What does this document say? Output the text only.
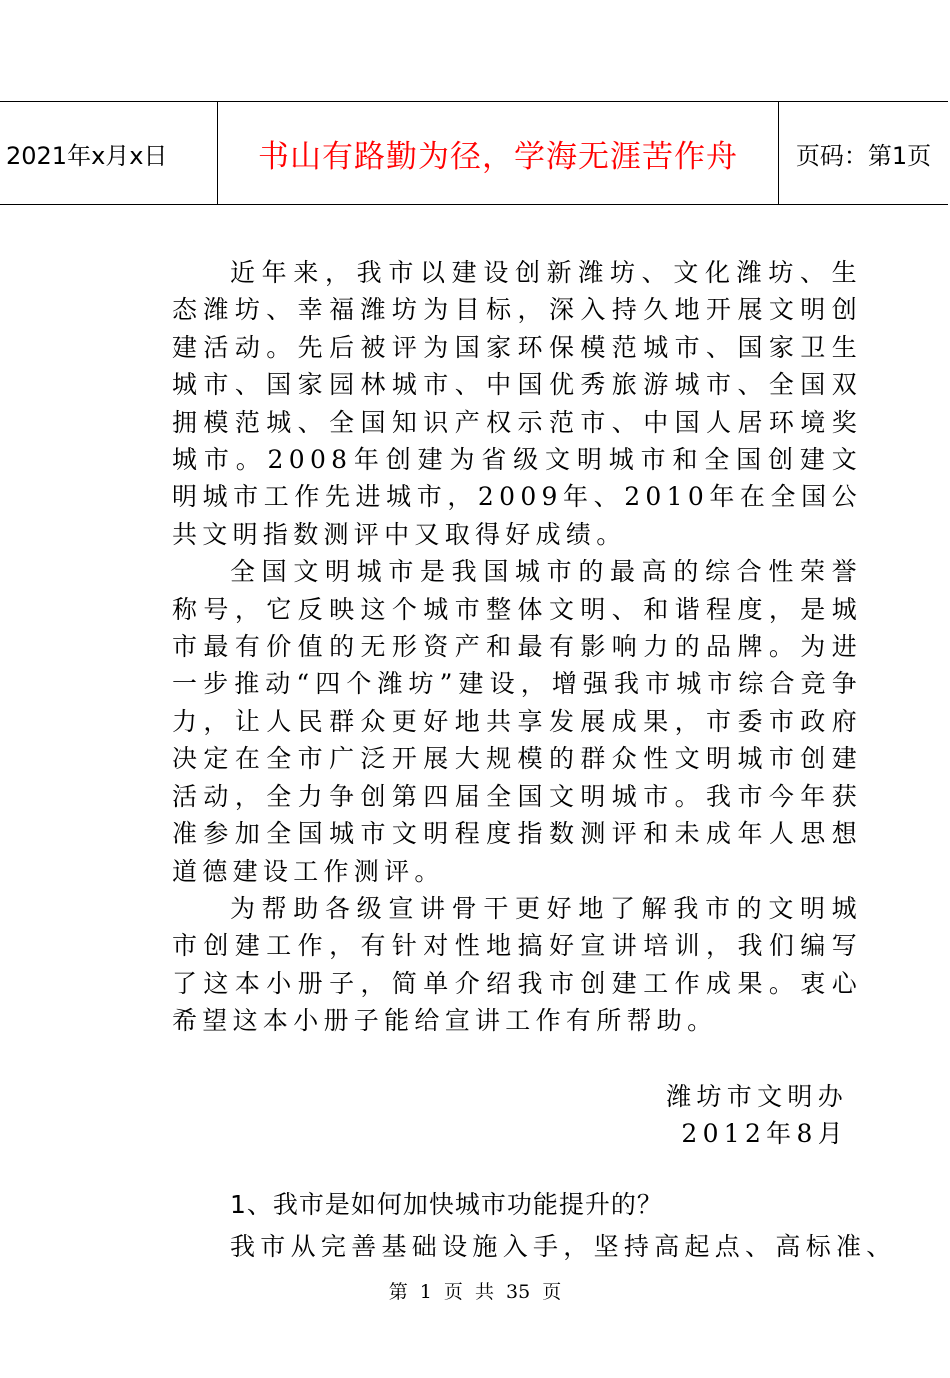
2021年x月x日	书山有路勤为径，学海无涯苦作舟	页码：第1页

近年来，我市以建设创新潍坊、文化潍坊、生态潍坊、幸福潍坊为目标，深入持久地开展文明创建活动。先后被评为国家环保模范城市、国家卫生城市、国家园林城市、中国优秀旅游城市、全国双拥模范城、全国知识产权示范市、中国人居环境奖城市。2008年创建为省级文明城市和全国创建文明城市工作先进城市，2009年、2010年在全国公共文明指数测评中又取得好成绩。

全国文明城市是我国城市的最高的综合性荣誉称号，它反映这个城市整体文明、和谐程度，是城市最有价值的无形资产和最有影响力的品牌。为进一步推动“四个潍坊”建设，增强我市城市综合竞争力，让人民群众更好地共享发展成果，市委市政府决定在全市广泛开展大规模的群众性文明城市创建活动，全力争创第四届全国文明城市。我市今年获准参加全国城市文明程度指数测评和未成年人思想道德建设工作测评。

为帮助各级宣讲骨干更好地了解我市的文明城市创建工作，有针对性地搞好宣讲培训，我们编写了这本小册子，简单介绍我市创建工作成果。衷心希望这本小册子能给宣讲工作有所帮助。

潍坊市文明办

2012年8月

1、我市是如何加快城市功能提升的？
我市从完善基础设施入手，坚持高起点、高标准、
第 1 页 共 35 页
